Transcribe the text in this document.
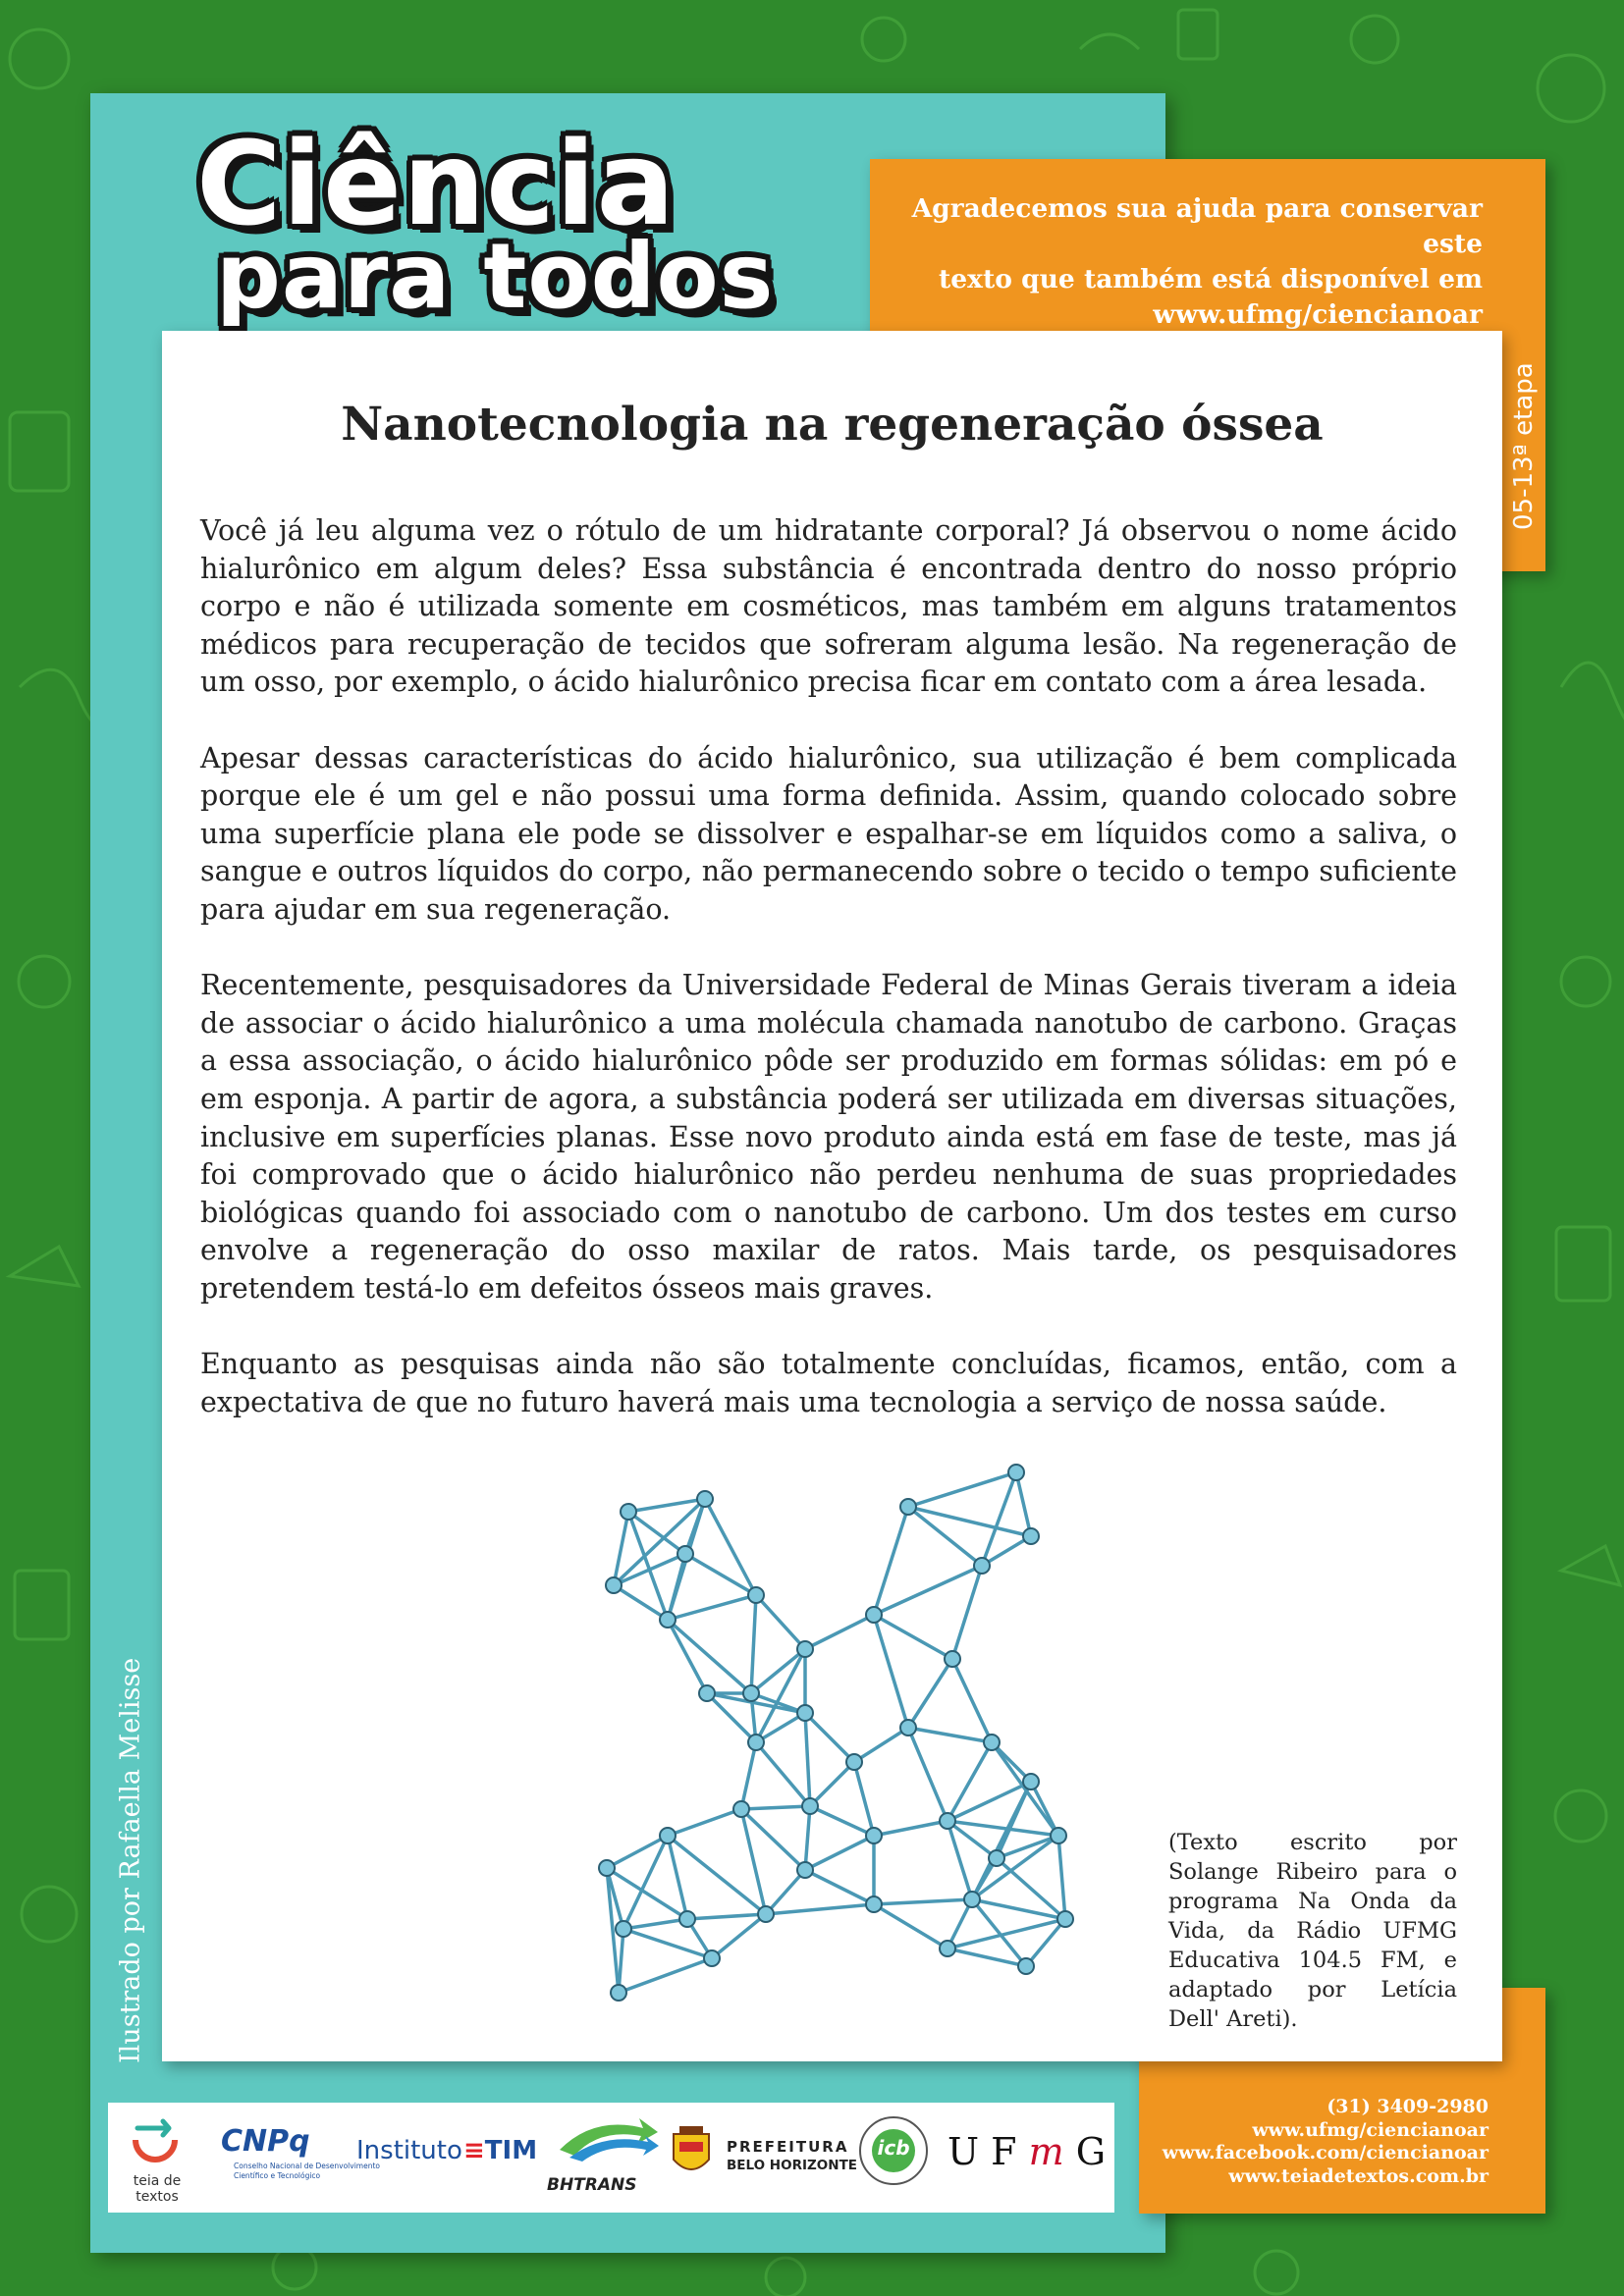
Agradecemos sua ajuda para conservar este
texto que também está disponível em
www.ufmg/ciencianoar
05-13ª etapa
(31) 3409-2980
www.ufmg/ciencianoar
www.facebook.com/ciencianoar
www.teiadetextos.com.br
Ciência
para todos
Ilustrado por Rafaella Melisse
Nanotecnologia na regeneração óssea

Você já leu alguma vez o rótulo de um hidratante corporal? Já observou o nome ácido hialurônico em algum deles? Essa substância é encontrada dentro do nosso próprio corpo e não é utilizada somente em cosméticos, mas também em alguns tratamentos médicos para recuperação de tecidos que sofreram alguma lesão. Na regeneração de um osso, por exemplo, o ácido hialurônico precisa ficar em contato com a área lesada.

Apesar dessas características do ácido hialurônico, sua utilização é bem complicada porque ele é um gel e não possui uma forma definida. Assim, quando colocado sobre uma superfície plana ele pode se dissolver e espalhar-se em líquidos como a saliva, o sangue e outros líquidos do corpo, não permanecendo sobre o tecido o tempo suficiente para ajudar em sua regeneração.

Recentemente, pesquisadores da Universidade Federal de Minas Gerais tiveram a ideia de associar o ácido hialurônico a uma molécula chamada nanotubo de carbono. Graças a essa associação, o ácido hialurônico pôde ser produzido em formas sólidas: em pó e em esponja. A partir de agora, a substância poderá ser utilizada em diversas situações, inclusive em superfícies planas. Esse novo produto ainda está em fase de teste, mas já foi comprovado que o ácido hialurônico não perdeu nenhuma de suas propriedades biológicas quando foi associado com o nanotubo de carbono. Um dos testes em curso envolve a regeneração do osso maxilar de ratos. Mais tarde, os pesquisadores pretendem testá-lo em defeitos ósseos mais graves.

Enquanto as pesquisas ainda não são totalmente concluídas, ficamos, então, com a expectativa de que no futuro haverá mais uma tecnologia a serviço de nossa saúde.

(Texto escrito por Solange Ribeiro para o programa Na Onda da Vida, da Rádio UFMG Educativa 104.5 FM, e adaptado por Letícia Dell' Areti).
teia de textos
CNPq
Conselho Nacional de Desenvolvimento
Científico e Tecnológico
Instituto ≡TIM
BHTRANS
PREFEITURA
BELO HORIZONTE
icb U F m G
